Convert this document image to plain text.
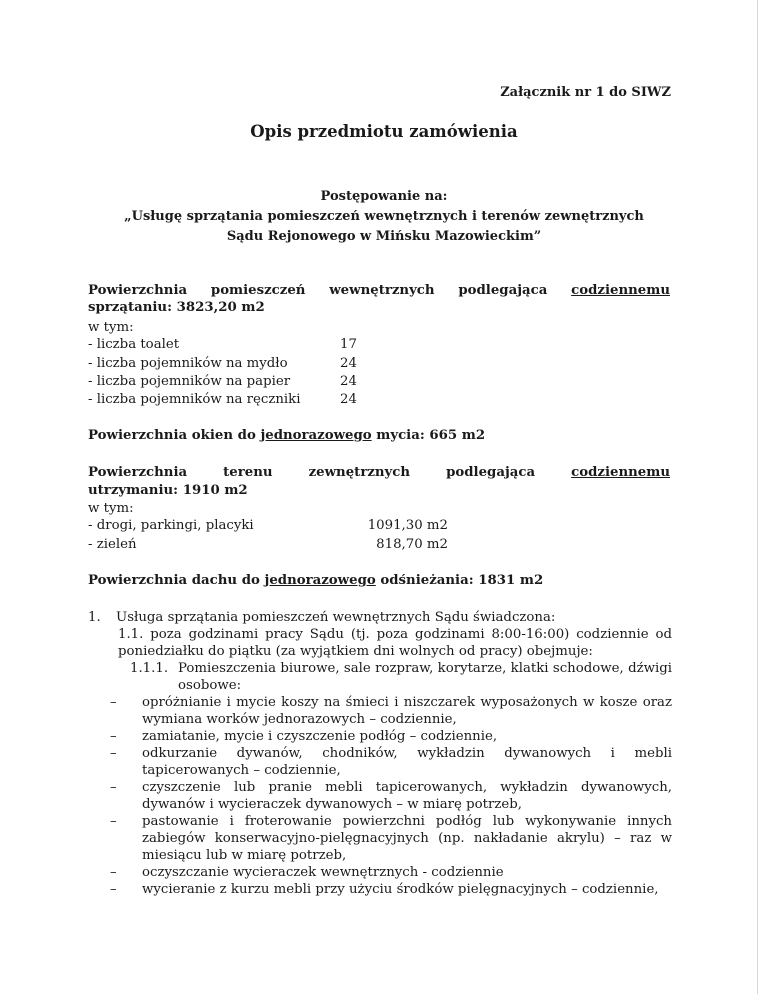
Załącznik nr 1 do SIWZ
Opis przedmiotu zamówienia
Postępowanie na:
„Usługę sprzątania pomieszczeń wewnętrznych i terenów zewnętrznych
Sądu Rejonowego w Mińsku Mazowieckim”
Powierzchnia pomieszczeń wewnętrznych podlegająca codziennemu
sprzątaniu: 3823,20 m2
w tym:
- liczba toalet	17
- liczba pojemników na mydło	24
- liczba pojemników na papier	24
- liczba pojemników na ręczniki	24
Powierzchnia okien do jednorazowego mycia: 665 m2
Powierzchnia	terenu	zewnętrznych	podlegająca	codziennemu
utrzymaniu: 1910 m2
w tym:
- drogi, parkingi, placyki	1091,30 m2
- zieleń	818,70 m2
Powierzchnia dachu do jednorazowego odśnieżania: 1831 m2
1. Usługa sprzątania pomieszczeń wewnętrznych Sądu świadczona:
1.1. poza godzinami pracy Sądu (tj. poza godzinami 8:00-16:00) codziennie od poniedziałku do piątku (za wyjątkiem dni wolnych od pracy) obejmuje:
1.1.1. Pomieszczenia biurowe, sale rozpraw, korytarze, klatki schodowe, dźwigi osobowe:
– opróżnianie i mycie koszy na śmieci i niszczarek wyposażonych w kosze oraz wymiana worków jednorazowych – codziennie,
– zamiatanie, mycie i czyszczenie podłóg – codziennie,
– odkurzanie dywanów, chodników, wykładzin dywanowych i mebli tapicerowanych – codziennie,
– czyszczenie lub pranie mebli tapicerowanych, wykładzin dywanowych, dywanów i wycieraczek dywanowych – w miarę potrzeb,
– pastowanie i froterowanie powierzchni podłóg lub wykonywanie innych zabiegów konserwacyjno-pielęgnacyjnych (np. nakładanie akrylu) – raz w miesiącu lub w miarę potrzeb,
– oczyszczanie wycieraczek wewnętrznych - codziennie
– wycieranie z kurzu mebli przy użyciu środków pielęgnacyjnych – codziennie,
